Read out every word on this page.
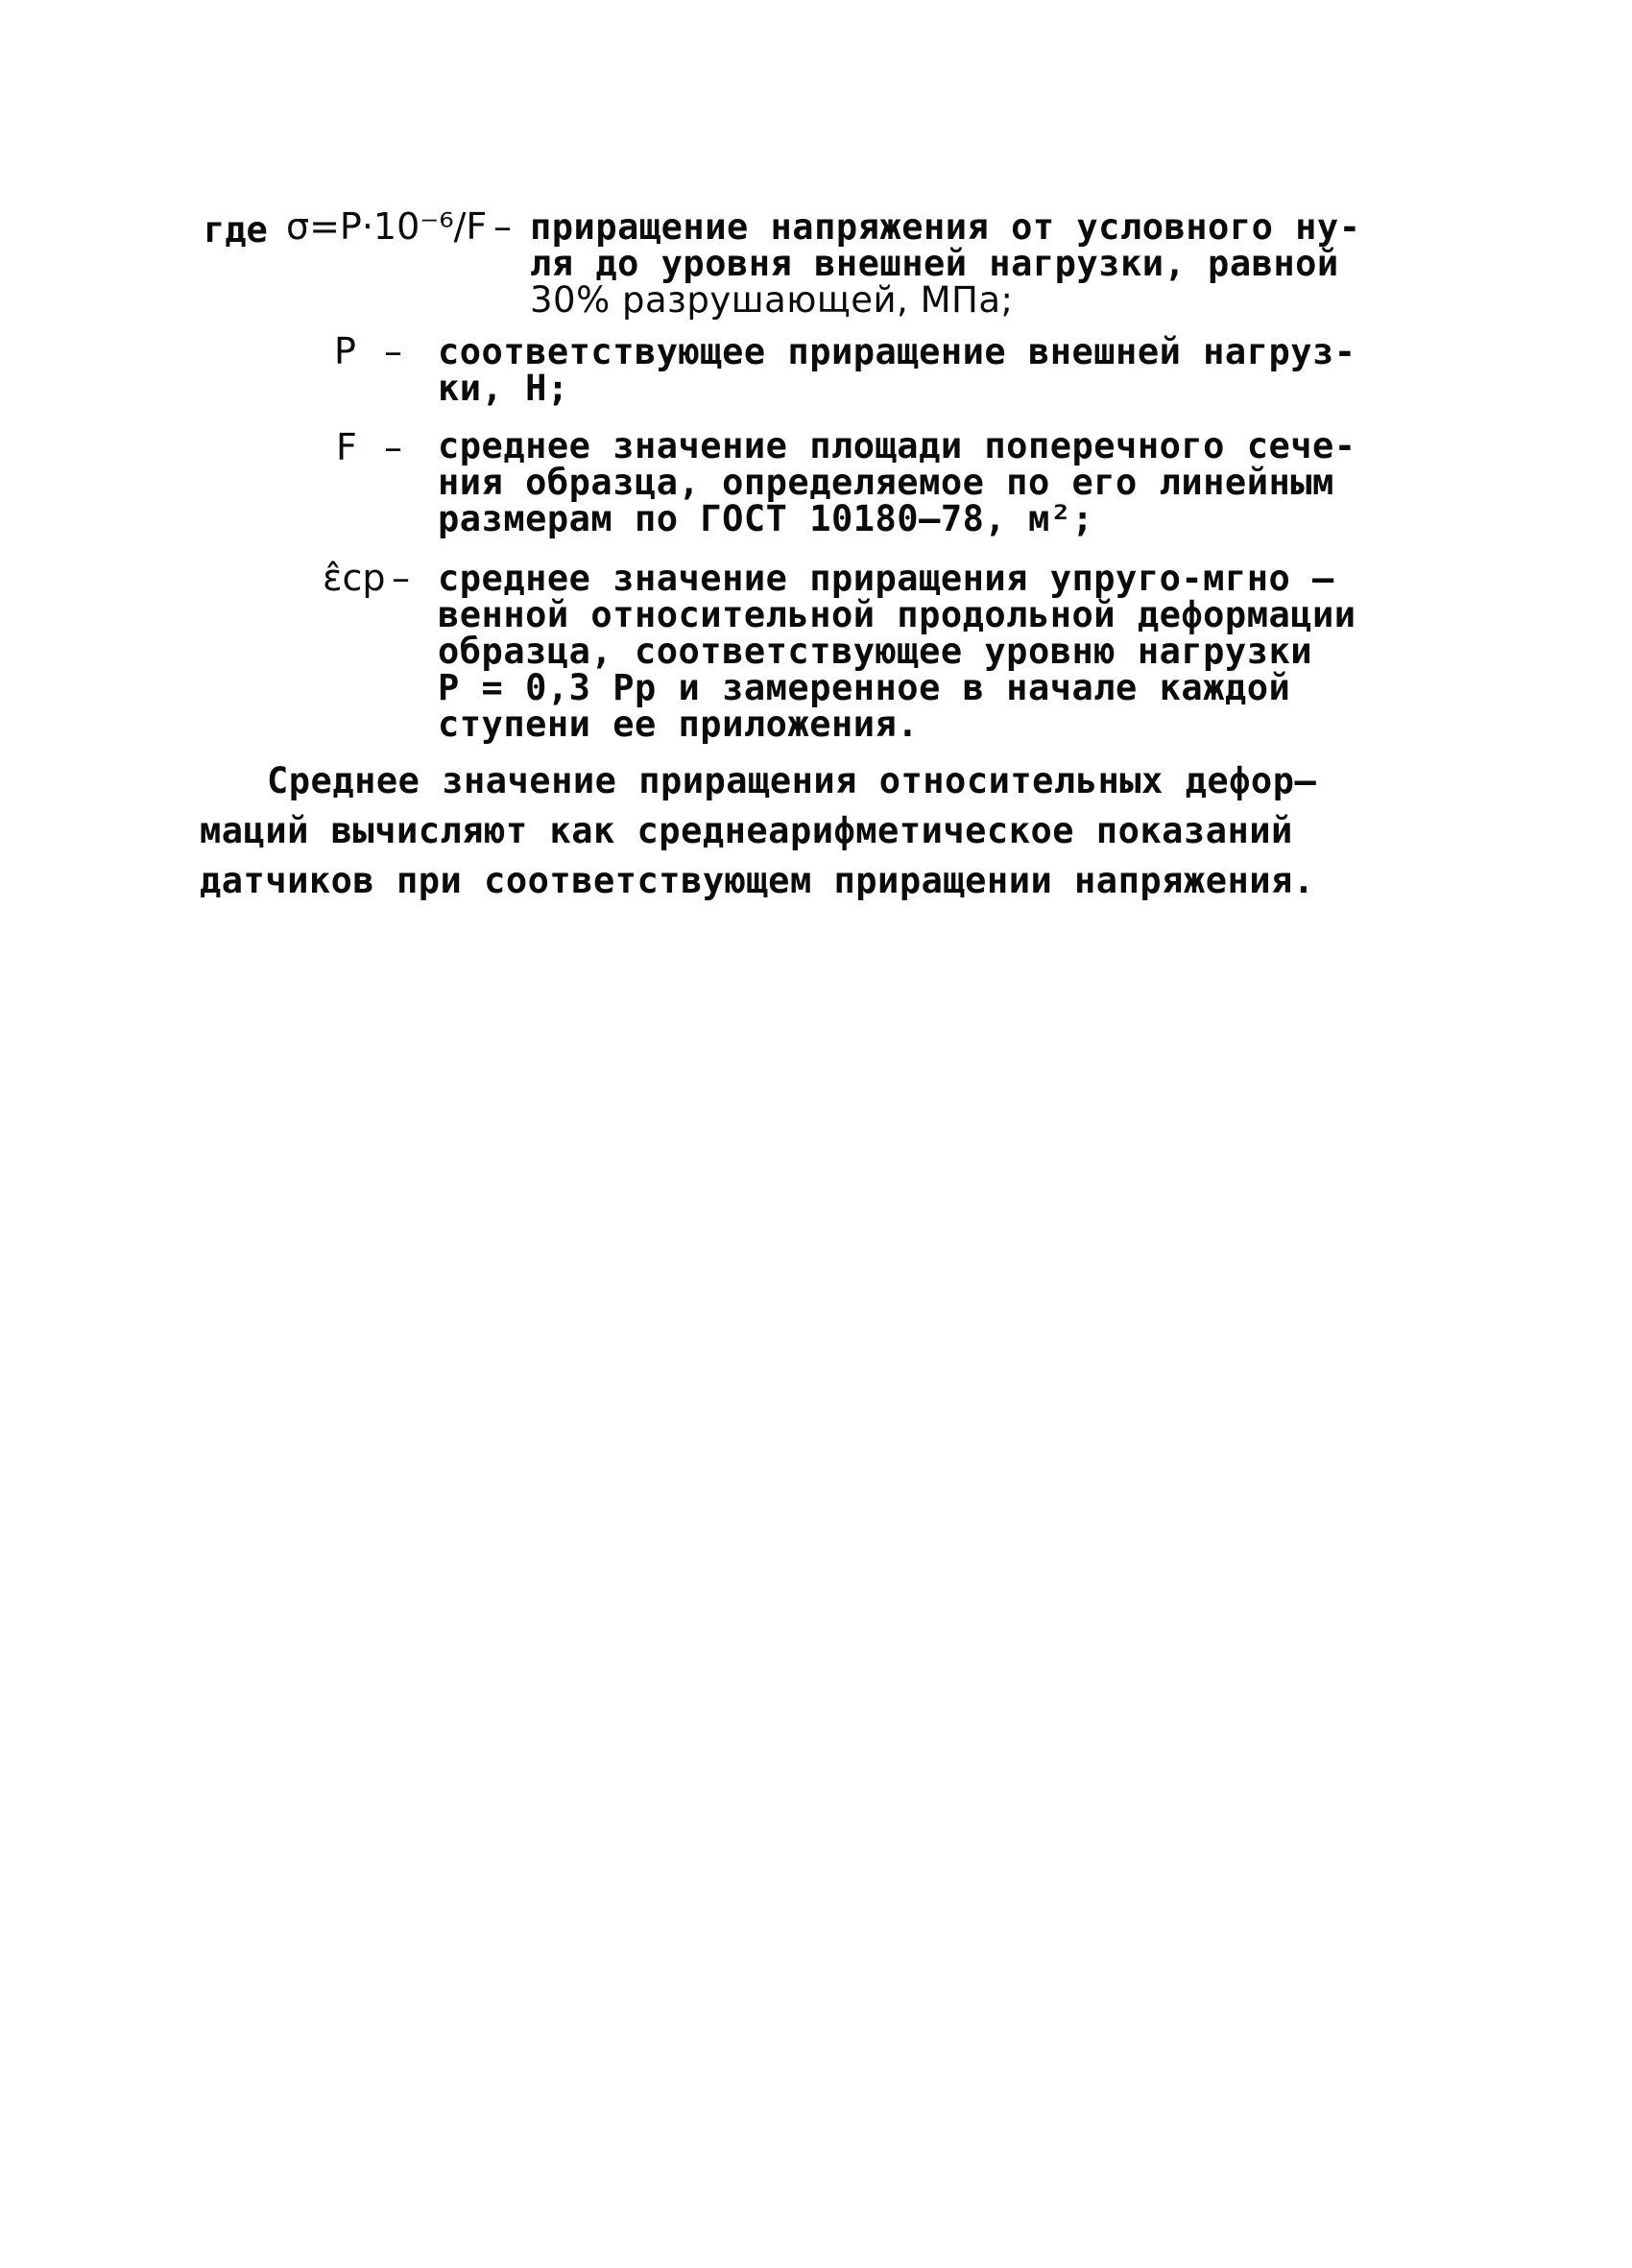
где σ=P·10⁻⁶/F – приращение напряжения от условного ну-
ля до уровня внешней нагрузки, равной
30% разрушающей, МПа;
P – соответствующее приращение внешней нагруз-
ки, Н;
F – среднее значение площади поперечного сече-
ния образца, определяемое по его линейным
размерам по ГОСТ 10180–78, м²;
ε̂ср – среднее значение приращения упруго-мгно –
венной относительной продольной деформации
образца, соответствующее уровню нагрузки
P = 0,3 Pр и замеренное в начале каждой
ступени ее приложения.
Среднее значение приращения относительных дефор–
маций вычисляют как среднеарифметическое показаний
датчиков при соответствующем приращении напряжения.
